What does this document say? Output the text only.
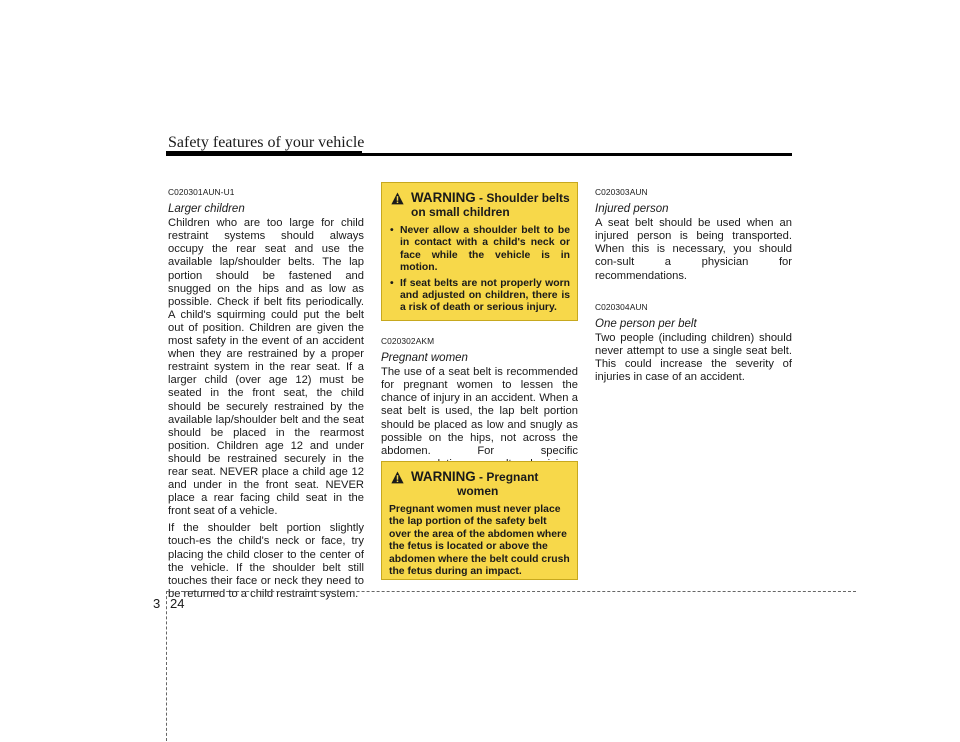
Safety features of your vehicle
C020301AUN-U1
Larger children

Children who are too large for child restraint systems should always occupy the rear seat and use the available lap/shoulder belts. The lap portion should be fastened and snugged on the hips and as low as possible. Check if belt fits periodically. A child's squirming could put the belt out of position. Children are given the most safety in the event of an accident when they are restrained by a proper restraint system in the rear seat. If a larger child (over age 12) must be seated in the front seat, the child should be securely restrained by the available lap/shoulder belt and the seat should be placed in the rearmost position. Children age 12 and under should be restrained securely in the rear seat. NEVER place a child age 12 and under in the front seat. NEVER place a rear facing child seat in the front seat of a vehicle.

If the shoulder belt portion slightly touch-es the child's neck or face, try placing the child closer to the center of the vehicle. If the shoulder belt still touches their face or neck they need to be returned to a child restraint system.

WARNING - Shoulder belts
on small children
• Never allow a shoulder belt to be in contact with a child's neck or face while the vehicle is in motion.
• If seat belts are not properly worn and adjusted on children, there is a risk of death or serious injury.
C020302AKM
Pregnant women

The use of a seat belt is recommended for pregnant women to lessen the chance of injury in an accident. When a seat belt is used, the lap belt portion should be placed as low and snugly as possible on the hips, not across the abdomen. For specific

WARNING - Pregnant
women
Pregnant women must never place the lap portion of the safety belt over the area of the abdomen where the fetus is located or above the abdomen where the belt could crush the fetus during an impact.
C020303AUN
Injured person

A seat belt should be used when an injured person is being transported. When this is necessary, you should con-sult a physician for recommendations.

C020304AUN
One person per belt

Two people (including children) should never attempt to use a single seat belt. This could increase the severity of injuries in case of an accident.

3 24
